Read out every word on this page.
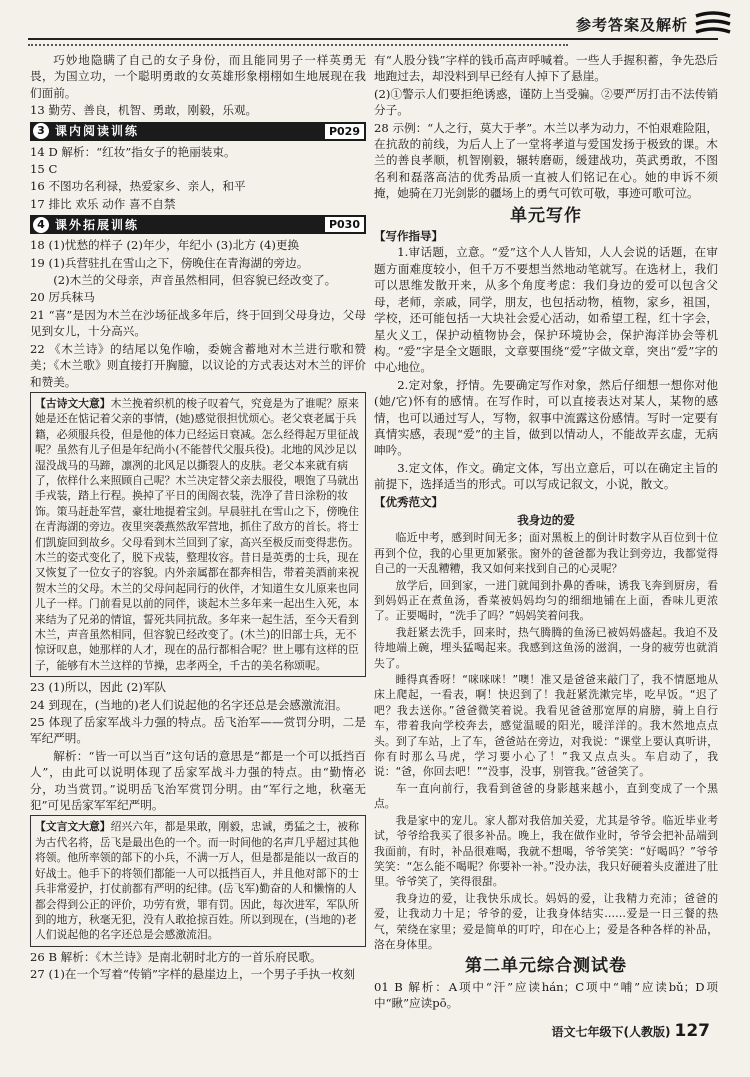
参考答案及解析

巧妙地隐瞒了自己的女子身份，而且能同男子一样英勇无畏，为国立功，一个聪明勇敢的女英雄形象栩栩如生地展现在我们面前。

13 勤劳、善良，机智、勇敢，刚毅，乐观。

3 课内阅读训练	P029

14 D 解析：“红妆”指女子的艳丽装束。

15 C

16 不图功名利禄，热爱家乡、亲人，和平

17 排比 欢乐 动作 喜不自禁

4 课外拓展训练	P030

18 (1)忧愁的样子 (2)年少，年纪小 (3)北方 (4)更换

19 (1)兵营驻扎在雪山之下，傍晚住在青海湖的旁边。

(2)木兰的父母亲，声音虽然相同，但容貌已经改变了。

20 厉兵秣马

21 “喜”是因为木兰在沙场征战多年后，终于回到父母身边，父母见到女儿，十分高兴。

22 《木兰诗》的结尾以兔作喻，委婉含蓄地对木兰进行歌和赞美；《木兰歌》则直接打开胸臆，以议论的方式表达对木兰的评价和赞美。

【古诗文大意】木兰挽着织机的梭子叹着气，究竟是为了谁呢？原来她是还在惦记着父亲的事情，(她)感觉很担忧烦心。老父衰老属于兵籍，必须服兵役，但是他的体力已经运日衰减。怎么经得起万里征战呢？虽然有儿子但是年纪尚小(不能替代父服兵役)。北地的风沙足以湿没战马的马蹄，凛冽的北风足以撕裂人的皮肤。老父本来就有病了，依样什么来照顾自己呢？木兰决定替父亲去服役，喂饱了马就出手戎装，踏上行程。换掉了平日的闺阁衣装，洗净了昔日涂粉的妆饰。策马赶赴军营，豪壮地提着宝剑。早晨驻扎在雪山之下，傍晚住在青海湖的旁边。夜里突袭燕然敌军营地，抓住了敌方的首长。将士们凯旋回到故乡。父母看到木兰回到了家，高兴至极反而变得悲伤。木兰的姿式变化了，脱下戎装，整理妆容。昔日是英勇的士兵，现在又恢复了一位女子的容貌。内外亲属都在都奔相告，带着美酒前来祝贺木兰的父母。木兰的父母问起同行的伙伴，才知道生女儿原来也同儿子一样。门前看見以前的同伴，谈起木兰多年来一起出生入死，本来结为了兄弟的情谊，誓死共同抗敌。多年来一起生活，至今天看到木兰，声音虽然相同，但容貌已经改变了。(木兰)的旧部士兵，无不惊讶叹息，她那样的人才，现在的品行都相合呢？世上哪有这样的臣子，能够有木兰这样的节操，忠孝两全，千古的美名称颂呢。

23 (1)所以，因此 (2)军队

24 到现在，(当地的)老人们说起他的名字还总是会感激流泪。

25 体现了岳家军战斗力强的特点。岳飞治军——赏罚分明，二是军纪严明。

解析：“皆一可以当百”这句话的意思是“都是一个可以抵挡百人”，由此可以说明体现了岳家军战斗力强的特点。由“勤惰必分，功当赏罚。”说明岳飞治军赏罚分明。由“军行之地，秋毫无犯”可见岳家军军纪严明。

【文言文大意】绍兴六年，都是果敢，刚毅，忠诚，勇猛之士，被称为古代名将，岳飞是最出色的一个。而一时间他的名声几乎超过其他将领。他所率领的部下的小兵，不满一万人，但是都是能以一敌百的好战士。他手下的将领们都能一人可以抵挡百人，并且他对部下的士兵非常爱护，打仗前都有严明的纪律。(岳飞军)勤奋的人和懒惰的人都会得到公正的评价，功劳有赏，罪有罚。因此，每次进军，军队所到的地方，秋毫无犯，没有人敢抢掠百姓。所以到现在，(当地的)老人们说起他的名字还总是会感激流泪。

26 B 解析：《木兰诗》是南北朝时北方的一首乐府民歌。

27 (1)在一个写着“传销”字样的悬崖边上，一个男子手执一枚刻

有“人股分钱”字样的钱币高声呼喊着。一些人手握积蓄，争先恐后地跑过去，却没料到早已经有人掉下了悬崖。

(2)①警示人们要拒绝诱惑，谨防上当受骗。②要严厉打击不法传销分子。

28 示例：“人之行，莫大于孝”。木兰以孝为动力，不怕艰难险阻，在抗敌的前线，为后人上了一堂将孝道与爱国发扬于极致的课。木兰的善良孝顺，机智刚毅，辗转磨砺，缓建战功，英武勇敢，不图名利和磊落高洁的优秀品质一直被人们铭记在心。她的申诉不须掩，她骑在刀光剑影的疆场上的勇气可钦可敬，事迹可歌可泣。

单元写作
【写作指导】

1.审话题，立意。“爱”这个人人皆知，人人会说的话题，在审题方面难度较小，但千万不要想当然地动笔就写。在选材上，我们可以思维发散开来，从多个角度考虑：我们身边的爱可以包含父母，老师，亲戚，同学，朋友，也包括动物，植物，家乡，祖国，学校，还可能包括一大块社会爱心活动，如希望工程，红十字会，星火义工，保护动植物协会，保护环境协会，保护海洋协会等机构。“爱”字是全文题眼，文章要围绕“爱”字做文章，突出“爱”字的中心地位。

2.定对象，抒情。先要确定写作对象，然后仔细想一想你对他(她/它)怀有的感情。在写作时，可以直接表达对某人，某物的感情，也可以通过写人，写物，叙事中流露这份感情。写时一定要有真情实感，表现“爱”的主旨，做到以情动人，不能故弄玄虚，无病呻吟。

3.定文体，作文。确定文体，写出立意后，可以在确定主旨的前提下，选择适当的形式。可以写成记叙文，小说，散文。

【优秀范文】
我身边的爱

临近中考，感到时间无多；面对黑板上的倒计时数字从百位到十位再到个位，我的心里更加紧张。窗外的爸爸都为我让到旁边，我都觉得自己的一天乱糟糟，我又如何来找到自己的心灵呢？

放学后，回到家，一进门就闻到扑鼻的香味，诱我飞奔到厨房，看到妈妈正在煮鱼汤，香菜被妈妈均匀的细细地铺在上面，香味儿更浓了。正要喝时，“洗手了吗？”妈妈笑着问我。

我赶紧去洗手，回来时，热气腾腾的鱼汤已被妈妈盛起。我迫不及待地端上碗，埋头猛喝起来。我感到这鱼汤的滋润，一身的疲劳也就消失了。

睡得真香呀！“咪咪咪！”噢！准又是爸爸来敲门了，我不情愿地从床上爬起，一看表，啊！快迟到了！我赶紧洗漱完毕，吃早饭。“迟了吧？我去送你。”爸爸微笑着说。我看见爸爸那宽厚的肩膀，骑上自行车，带着我向学校奔去，感觉温暖的阳光，暖洋洋的。我木然地点点头。到了车站，上了车，爸爸站在旁边，对我说：“课堂上要认真听讲，你有时那么马虎，学习要小心了！”我又点点头。车启动了，我说：“爸，你回去吧！”“没事，没事，别管我。”爸爸笑了。

车一直向前行，我看到爸爸的身影越来越小，直到变成了一个黑点。

我是家中的宠儿。家人都对我倍加关爱，尤其是爷爷。临近毕业考试，爷爷给我买了很多补品。晚上，我在做作业时，爷爷会把补品端到我面前，有时，补品很难喝，我就不想喝，爷爷笑笑：“好喝吗？”爷爷笑笑：“怎么能不喝呢？你要补一补。”没办法，我只好硬着头皮灌进了肚里。爷爷笑了，笑得很甜。

我身边的爱，让我快乐成长。妈妈的爱，让我精力充沛；爸爸的爱，让我动力十足；爷爷的爱，让我身体结实……爱是一日三餐的热气，荣绕在家里；爱是简单的叮咛，印在心上；爱是各种各样的补品，洛在身体里。

第二单元综合测试卷

01 B 解析：A项中“汗”应读hán；C项中“哺”应读bǔ；D项中“瞅”应读pō。

语文七年级下(人教版) 127
